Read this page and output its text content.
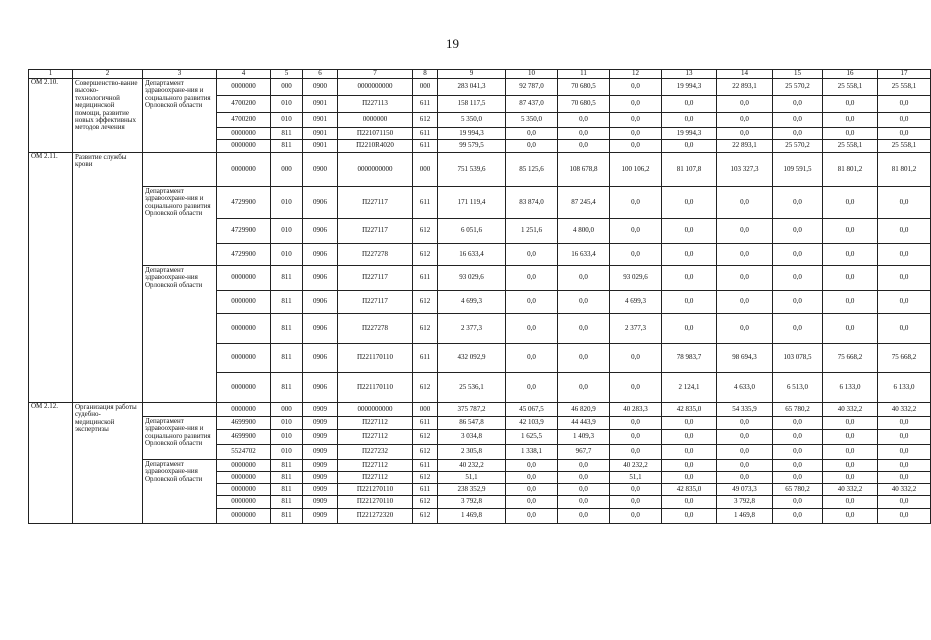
19
1	2	3	4	5	6	7	8	9	10	11	12	13	14	15	16	17
ОМ 2.10.	Совершенство-вание высоко-технологичной медицинской помощи, развитие новых эффективных методов лечения	Департамент здравоохране-ния и социального развития Орловской области	0000000	000	0900	0000000000	000	283 041,3	92 787,0	70 680,5	0,0	19 994,3	22 893,1	25 570,2	25 558,1	25 558,1
			4700200	010	0901	П227113	611	158 117,5	87 437,0	70 680,5	0,0	0,0	0,0	0,0	0,0	0,0
			4700200	010	0901	0000000	612	5 350,0	5 350,0	0,0	0,0	0,0	0,0	0,0	0,0	0,0
			0000000	811	0901	П221071150	611	19 994,3	0,0	0,0	0,0	19 994,3	0,0	0,0	0,0	0,0
			0000000	811	0901	П2210R4020	611	99 579,5	0,0	0,0	0,0	0,0	22 893,1	25 570,2	25 558,1	25 558,1
ОМ 2.11.	Развитие службы крови		0000000	000	0900	0000000000	000	751 539,6	85 125,6	108 678,8	100 106,2	81 107,8	103 327,3	109 591,5	81 801,2	81 801,2
		Департамент здравоохране-ния и социального развития Орловской области	4729900	010	0906	П227117	611	171 119,4	83 874,0	87 245,4	0,0	0,0	0,0	0,0	0,0	0,0
			4729900	010	0906	П227117	612	6 051,6	1 251,6	4 800,0	0,0	0,0	0,0	0,0	0,0	0,0
			4729900	010	0906	П227278	612	16 633,4	0,0	16 633,4	0,0	0,0	0,0	0,0	0,0	0,0
		Департамент здравоохране-ния Орловской области	0000000	811	0906	П227117	611	93 029,6	0,0	0,0	93 029,6	0,0	0,0	0,0	0,0	0,0
			0000000	811	0906	П227117	612	4 699,3	0,0	0,0	4 699,3	0,0	0,0	0,0	0,0	0,0
			0000000	811	0906	П227278	612	2 377,3	0,0	0,0	2 377,3	0,0	0,0	0,0	0,0	0,0
			0000000	811	0906	П221170110	611	432 092,9	0,0	0,0	0,0	78 983,7	98 694,3	103 078,5	75 668,2	75 668,2
			0000000	811	0906	П221170110	612	25 536,1	0,0	0,0	0,0	2 124,1	4 633,0	6 513,0	6 133,0	6 133,0
ОМ 2.12.	Организация работы судебно-медицинской экспертизы		0000000	000	0909	0000000000	000	375 787,2	45 067,5	46 820,9	40 283,3	42 835,0	54 335,9	65 780,2	40 332,2	40 332,2
		Департамент здравоохране-ния и социального развития Орловской области	4699900	010	0909	П227112	611	86 547,8	42 103,9	44 443,9	0,0	0,0	0,0	0,0	0,0	0,0
			4699900	010	0909	П227112	612	3 034,8	1 625,5	1 409,3	0,0	0,0	0,0	0,0	0,0	0,0
			5524702	010	0909	П227232	612	2 305,8	1 338,1	967,7	0,0	0,0	0,0	0,0	0,0	0,0
		Департамент здравоохране-ния Орловской области	0000000	811	0909	П227112	611	40 232,2	0,0	0,0	40 232,2	0,0	0,0	0,0	0,0	0,0
			0000000	811	0909	П227112	612	51,1	0,0	0,0	51,1	0,0	0,0	0,0	0,0	0,0
			0000000	811	0909	П221270110	611	238 352,9	0,0	0,0	0,0	42 835,0	49 073,3	65 780,2	40 332,2	40 332,2
			0000000	811	0909	П221270110	612	3 792,8	0,0	0,0	0,0	0,0	3 792,8	0,0	0,0	0,0
			0000000	811	0909	П221272320	612	1 469,8	0,0	0,0	0,0	0,0	1 469,8	0,0	0,0	0,0
